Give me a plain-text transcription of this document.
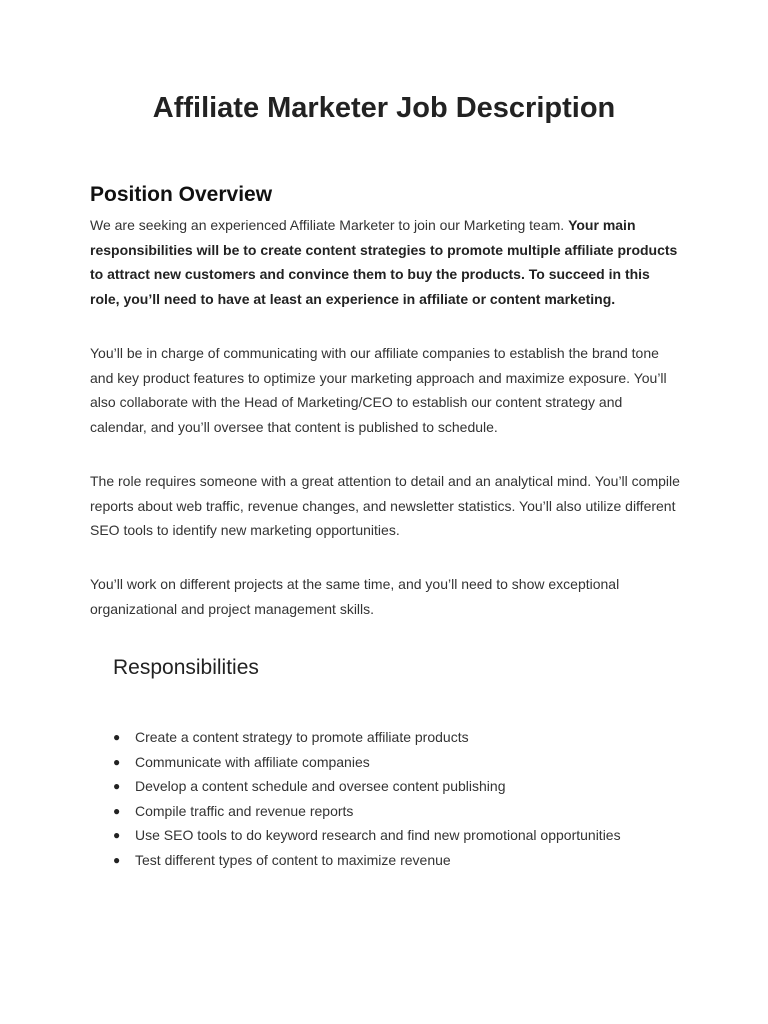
Affiliate Marketer Job Description
Position Overview

We are seeking an experienced Affiliate Marketer to join our Marketing team. Your main responsibilities will be to create content strategies to promote multiple affiliate products to attract new customers and convince them to buy the products. To succeed in this role, you’ll need to have at least an experience in affiliate or content marketing.

You’ll be in charge of communicating with our affiliate companies to establish the brand tone and key product features to optimize your marketing approach and maximize exposure. You’ll also collaborate with the Head of Marketing/CEO to establish our content strategy and calendar, and you’ll oversee that content is published to schedule.

The role requires someone with a great attention to detail and an analytical mind. You’ll compile reports about web traffic, revenue changes, and newsletter statistics. You’ll also utilize different SEO tools to identify new marketing opportunities.

You’ll work on different projects at the same time, and you’ll need to show exceptional organizational and project management skills.

Responsibilities
● Create a content strategy to promote affiliate products
● Communicate with affiliate companies
● Develop a content schedule and oversee content publishing
● Compile traffic and revenue reports
● Use SEO tools to do keyword research and find new promotional opportunities
● Test different types of content to maximize revenue
